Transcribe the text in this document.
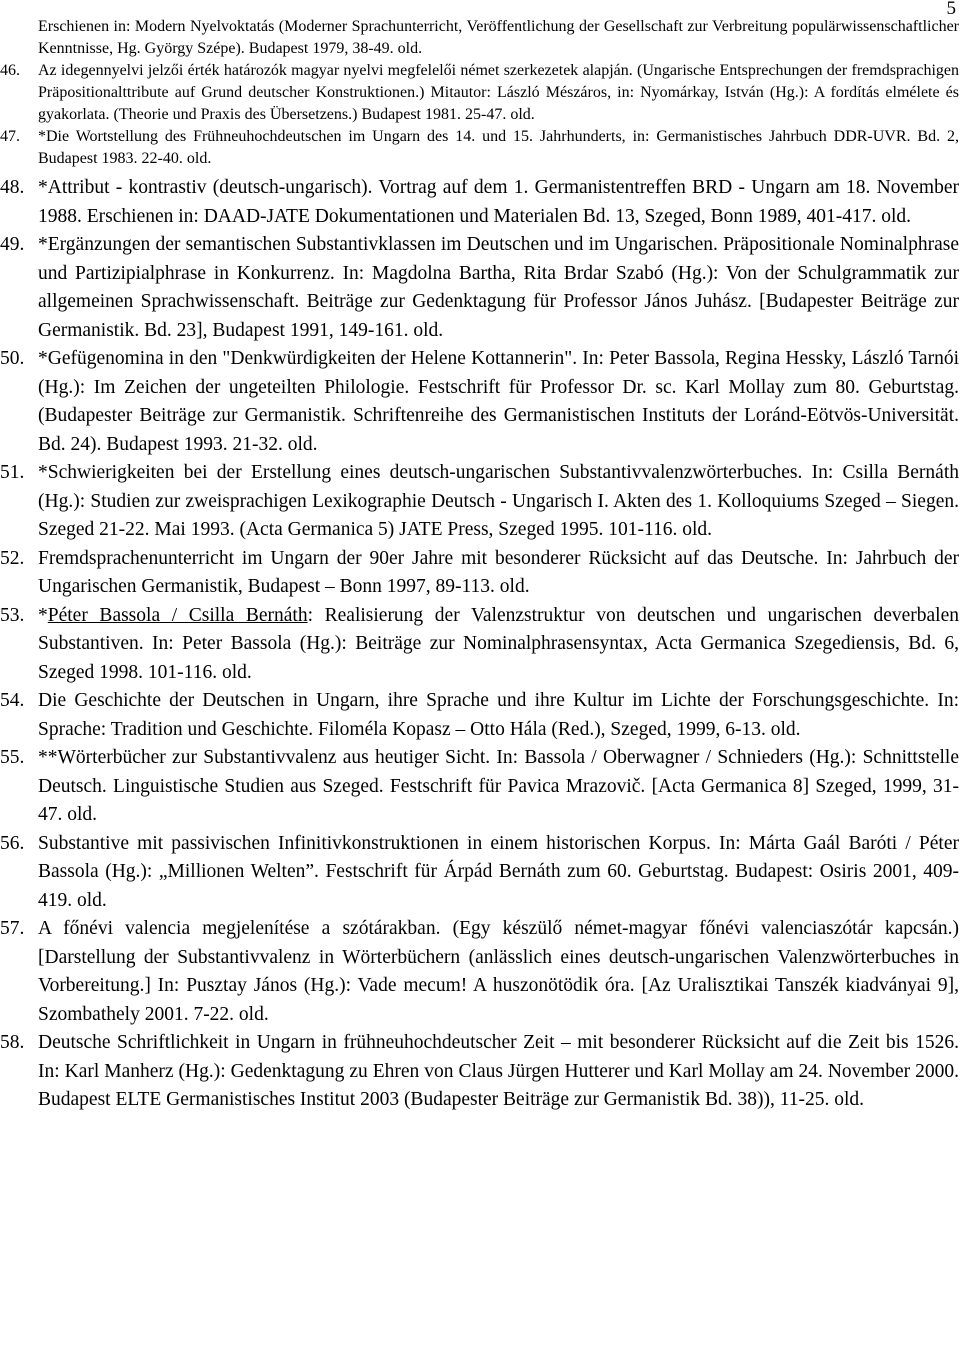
5
Erschienen in: Modern Nyelvoktatás (Moderner Sprachunterricht, Veröffentlichung der Gesellschaft zur Verbreitung populärwissenschaftlicher Kenntnisse, Hg. György Szépe). Budapest 1979, 38-49. old.
46. Az idegennyelvi jelzői érték határozók magyar nyelvi megfelelői német szerkezetek alapján. (Ungarische Entsprechungen der fremdsprachigen Präpositionalttribute auf Grund deutscher Konstruktionen.) Mitautor: László Mészáros, in: Nyomárkay, István (Hg.): A fordítás elmélete és gyakorlata. (Theorie und Praxis des Übersetzens.) Budapest 1981. 25-47. old.
47. *Die Wortstellung des Frühneuhochdeutschen im Ungarn des 14. und 15. Jahrhunderts, in: Germanistisches Jahrbuch DDR-UVR. Bd. 2, Budapest 1983. 22-40. old.
48. *Attribut - kontrastiv (deutsch-ungarisch). Vortrag auf dem 1. Germanistentreffen BRD - Ungarn am 18. November 1988. Erschienen in: DAAD-JATE Dokumentationen und Materialen Bd. 13, Szeged, Bonn 1989, 401-417. old.
49. *Ergänzungen der semantischen Substantivklassen im Deutschen und im Ungarischen. Präpositionale Nominalphrase und Partizipialphrase in Konkurrenz. In: Magdolna Bartha, Rita Brdar Szabó (Hg.): Von der Schulgrammatik zur allgemeinen Sprachwissenschaft. Beiträge zur Gedenktagung für Professor János Juhász. [Budapester Beiträge zur Germanistik. Bd. 23], Budapest 1991, 149-161. old.
50. *Gefügenomina in den "Denkwürdigkeiten der Helene Kottannerin". In: Peter Bassola, Regina Hessky, László Tarnói (Hg.): Im Zeichen der ungeteilten Philologie. Festschrift für Professor Dr. sc. Karl Mollay zum 80. Geburtstag. (Budapester Beiträge zur Germanistik. Schriftenreihe des Germanistischen Instituts der Loránd-Eötvös-Universität. Bd. 24). Budapest 1993. 21-32. old.
51. *Schwierigkeiten bei der Erstellung eines deutsch-ungarischen Substantivvalenzwörterbuches. In: Csilla Bernáth (Hg.): Studien zur zweisprachigen Lexikographie Deutsch - Ungarisch I. Akten des 1. Kolloquiums Szeged – Siegen. Szeged 21-22. Mai 1993. (Acta Germanica 5) JATE Press, Szeged 1995. 101-116. old.
52. Fremdsprachenunterricht im Ungarn der 90er Jahre mit besonderer Rücksicht auf das Deutsche. In: Jahrbuch der Ungarischen Germanistik, Budapest – Bonn 1997, 89-113. old.
53. *Péter Bassola / Csilla Bernáth: Realisierung der Valenzstruktur von deutschen und ungarischen deverbalen Substantiven. In: Peter Bassola (Hg.): Beiträge zur Nominalphrasensyntax, Acta Germanica Szegediensis, Bd. 6, Szeged 1998. 101-116. old.
54. Die Geschichte der Deutschen in Ungarn, ihre Sprache und ihre Kultur im Lichte der Forschungsgeschichte. In: Sprache: Tradition und Geschichte. Filoméla Kopasz – Otto Hála (Red.), Szeged, 1999, 6-13. old.
55. **Wörterbücher zur Substantivvalenz aus heutiger Sicht. In: Bassola / Oberwagner / Schnieders (Hg.): Schnittstelle Deutsch. Linguistische Studien aus Szeged. Festschrift für Pavica Mrazovič. [Acta Germanica 8] Szeged, 1999, 31-47. old.
56. Substantive mit passivischen Infinitivkonstruktionen in einem historischen Korpus. In: Márta Gaál Baróti / Péter Bassola (Hg.): „Millionen Welten”. Festschrift für Árpád Bernáth zum 60. Geburtstag. Budapest: Osiris 2001, 409-419. old.
57. A főnévi valencia megjelenítése a szótárakban. (Egy készülő német-magyar főnévi valenciaszótár kapcsán.) [Darstellung der Substantivvalenz in Wörterbüchern (anlässlich eines deutsch-ungarischen Valenzwörterbuches in Vorbereitung.] In: Pusztay János (Hg.): Vade mecum! A huszonötödik óra. [Az Uralisztikai Tanszék kiadványai 9], Szombathely 2001. 7-22. old.
58. Deutsche Schriftlichkeit in Ungarn in frühneuhochdeutscher Zeit – mit besonderer Rücksicht auf die Zeit bis 1526. In: Karl Manherz (Hg.): Gedenktagung zu Ehren von Claus Jürgen Hutterer und Karl Mollay am 24. November 2000. Budapest ELTE Germanistisches Institut 2003 (Budapester Beiträge zur Germanistik Bd. 38)), 11-25. old.
